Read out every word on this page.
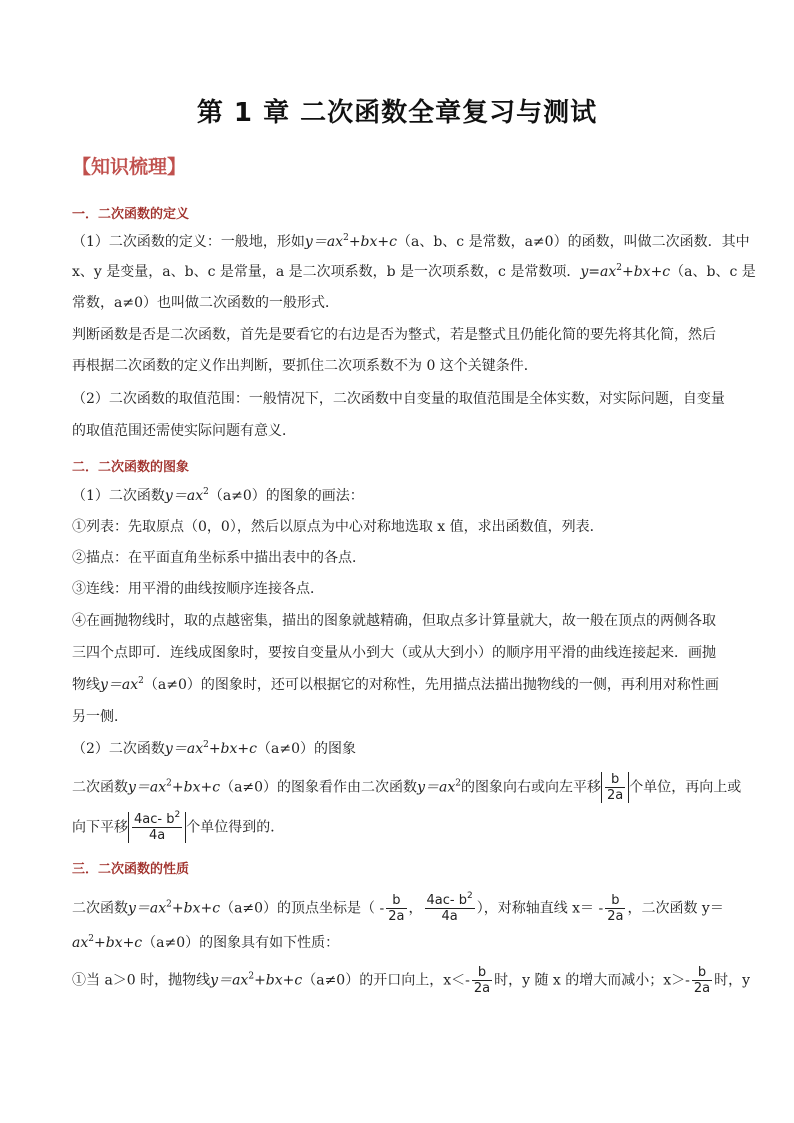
第 1 章 二次函数全章复习与测试
【知识梳理】
一．二次函数的定义
（1）二次函数的定义：一般地，形如$y=ax^2+bx+c(a$、b、c 是常数，a≠0）的函数，叫做二次函数．其中
x、y 是变量，a、b、c 是常量，a 是二次项系数，b 是一次项系数，c 是常数项．$y=ax^2+bx+c(a$、b、c 是
常数，a≠0）也叫做二次函数的一般形式．
判断函数是否是二次函数，首先是要看它的右边是否为整式，若是整式且仍能化简的要先将其化简，然后
再根据二次函数的定义作出判断，要抓住二次项系数不为 0 这个关键条件．
（2）二次函数的取值范围：一般情况下，二次函数中自变量的取值范围是全体实数，对实际问题，自变量
的取值范围还需使实际问题有意义．
二．二次函数的图象
（1）二次函数$y=ax^2(a\ne 0)$的图象的画法：
①列表：先取原点（0，0），然后以原点为中心对称地选取 x 值，求出函数值，列表．
②描点：在平面直角坐标系中描出表中的各点．
③连线：用平滑的曲线按顺序连接各点．
④在画抛物线时，取的点越密集，描出的图象就越精确，但取点多计算量就大，故一般在顶点的两侧各取
三四个点即可．连线成图象时，要按自变量从小到大（或从大到小）的顺序用平滑的曲线连接起来．画抛
物线$y=ax^2(a\ne 0)$的图象时，还可以根据它的对称性，先用描点法描出抛物线的一侧，再利用对称性画
另一侧．
（2）二次函数$y=ax^2+bx+c(a\ne 0)$的图象
二次函数$y=ax^2+bx+c(a\ne 0)$的图象看作由二次函数$y=ax^2$的图象向右或向左平移 $\frac{b}{2a}$ 个单位，再向上或
向下平移 $\frac{4ac- b^2}{4a}$ 个单位得到的．
三．二次函数的性质
二次函数$y=ax^2+bx+c(a\ne 0)$的顶点坐标是（ - $\frac{b}{2a}$ ， $\frac{4ac- b^2}{4a}$ ），对称轴直线 $x= - \frac{b}{2a}$ ，二次函数 y＝
$ax^2+bx+c(a\ne 0)$的图象具有如下性质：
①当 a＞0 时，抛物线$y=ax^2+bx+c(a\ne 0)$的开口向上，$x<- \frac{b}{2a}$ 时，y 随 x 的增大而减小；$x>- \frac{b}{2a}$ 时，y
